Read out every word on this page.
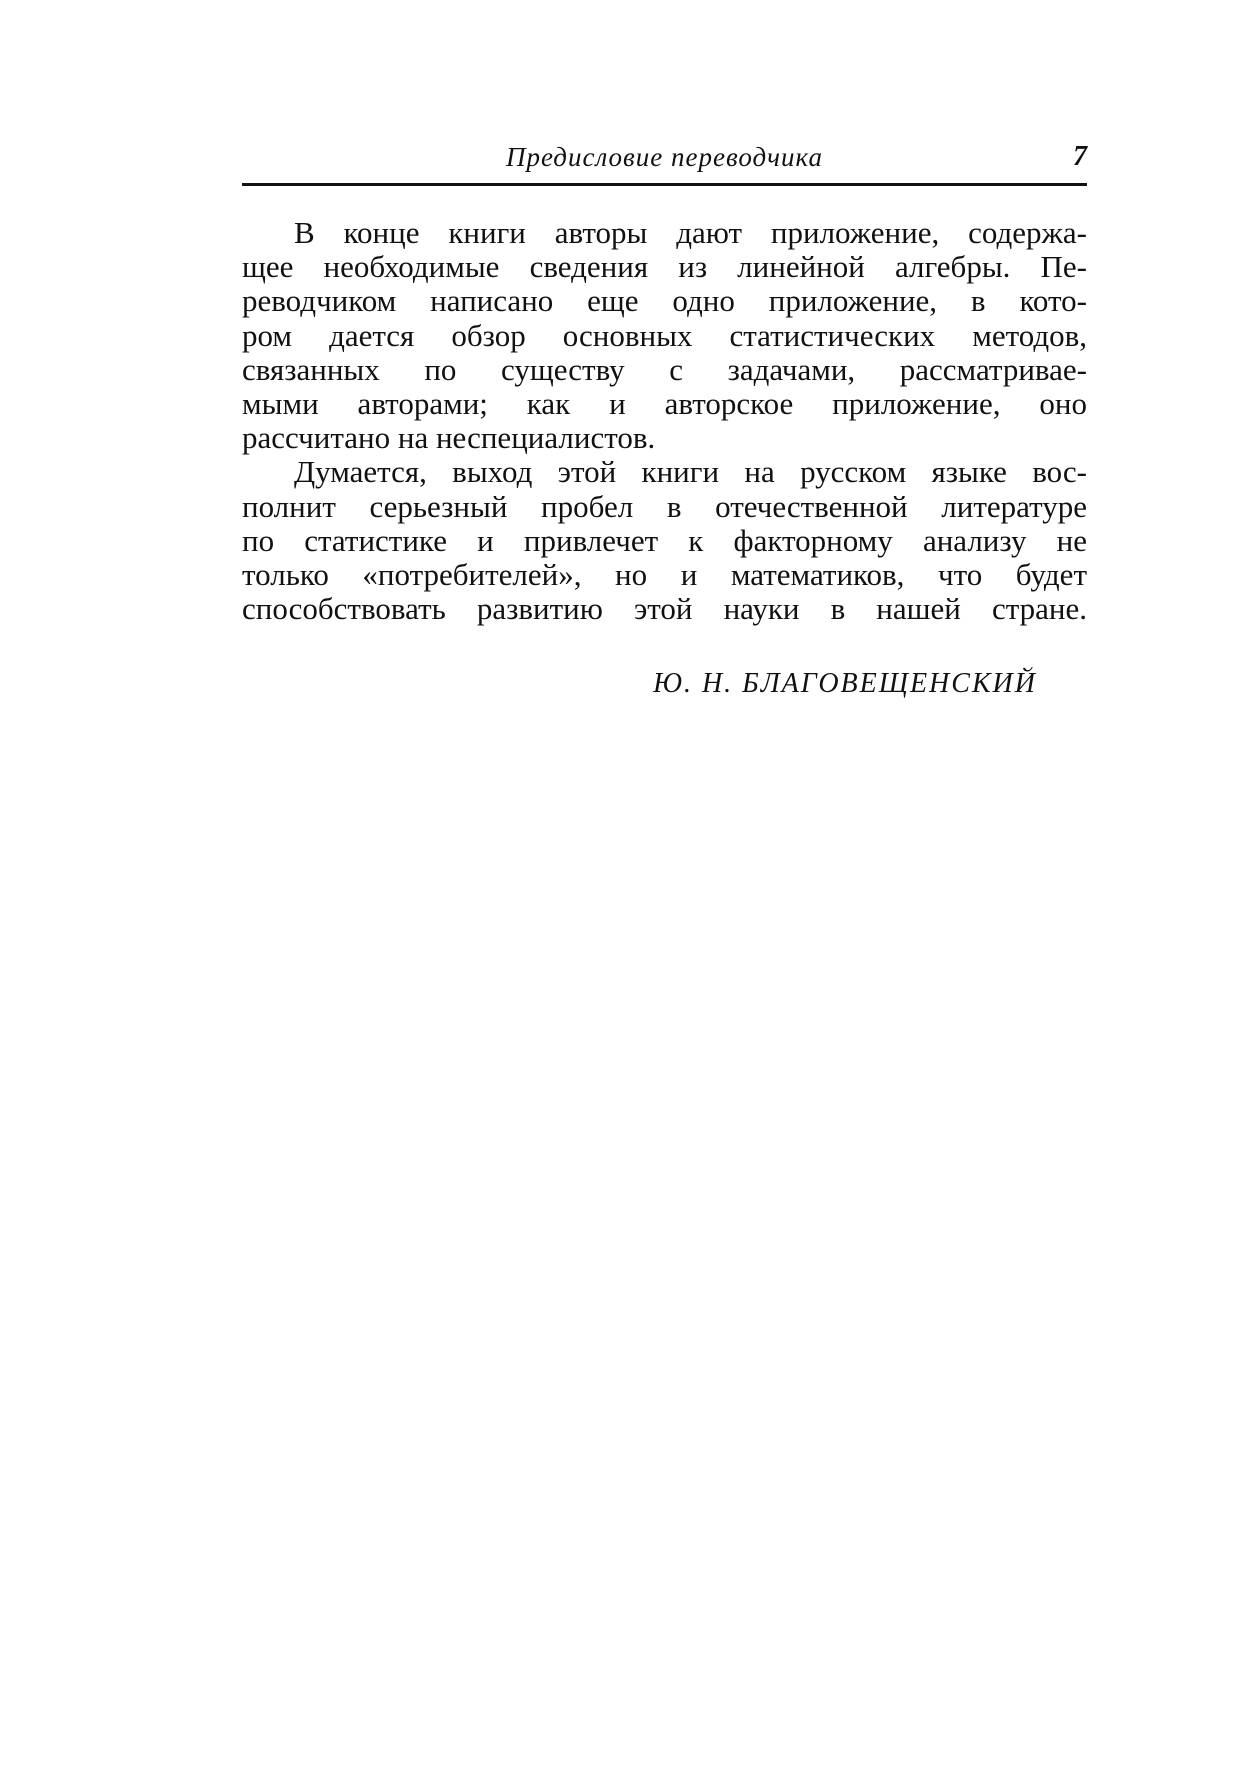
Предисловие переводчика	7

В конце книги авторы дают приложение, содержа-
щее необходимые сведения из линейной алгебры. Пе-
реводчиком написано еще одно приложение, в кото-
ром дается обзор основных статистических методов,
связанных по существу с задачами, рассматривае-
мыми авторами; как и авторское приложение, оно
рассчитано на неспециалистов.

Думается, выход этой книги на русском языке вос-
полнит серьезный пробел в отечественной литературе
по статистике и привлечет к факторному анализу не
только «потребителей», но и математиков, что будет
способствовать развитию этой науки в нашей стране.

Ю. Н. БЛАГОВЕЩЕНСКИЙ
